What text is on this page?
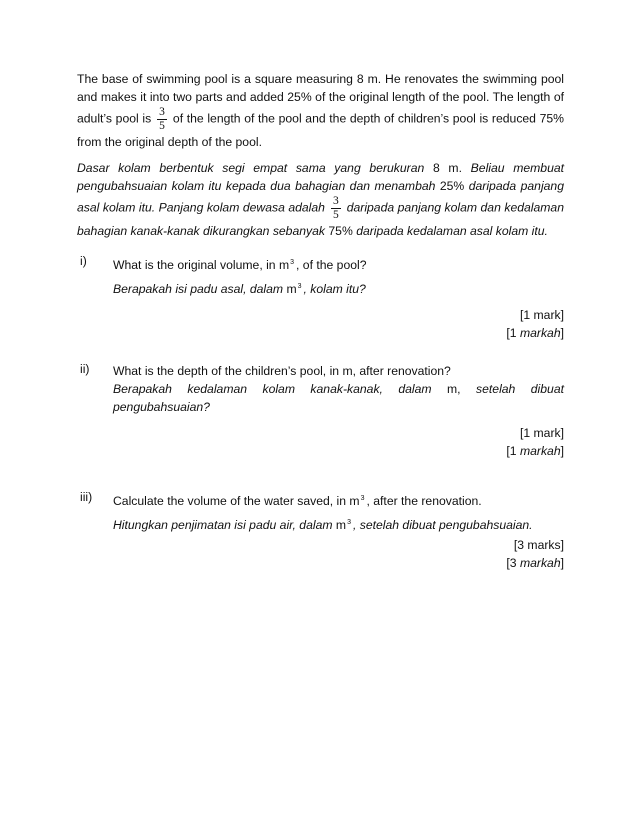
The base of swimming pool is a square measuring 8 m. He renovates the swimming pool and makes it into two parts and added 25% of the original length of the pool. The length of adult’s pool is $\frac{3}{5}$ of the length of the pool and the depth of children’s pool is reduced 75% from the original depth of the pool.
Dasar kolam berbentuk segi empat sama yang berukuran 8 m. Beliau membuat pengubahsuaian kolam itu kepada dua bahagian dan menambah 25% daripada panjang asal kolam itu. Panjang kolam dewasa adalah $\frac{3}{5}$ daripada panjang kolam dan kedalaman bahagian kanak-kanak dikurangkan sebanyak 75% daripada kedalaman asal kolam itu.
i) What is the original volume, in $m^3$ , of the pool?
Berapakah isi padu asal, dalam $m^3$ , kolam itu?
[1 mark]
[1 markah]
ii) What is the depth of the children’s pool, in m, after renovation?
Berapakah kedalaman kolam kanak-kanak, dalam m, setelah dibuat pengubahsuaian?
[1 mark]
[1 markah]
iii) Calculate the volume of the water saved, in $m^3$ , after the renovation.
Hitungkan penjimatan isi padu air, dalam $m^3$ , setelah dibuat pengubahsuaian.
[3 marks]
[3 markah]
